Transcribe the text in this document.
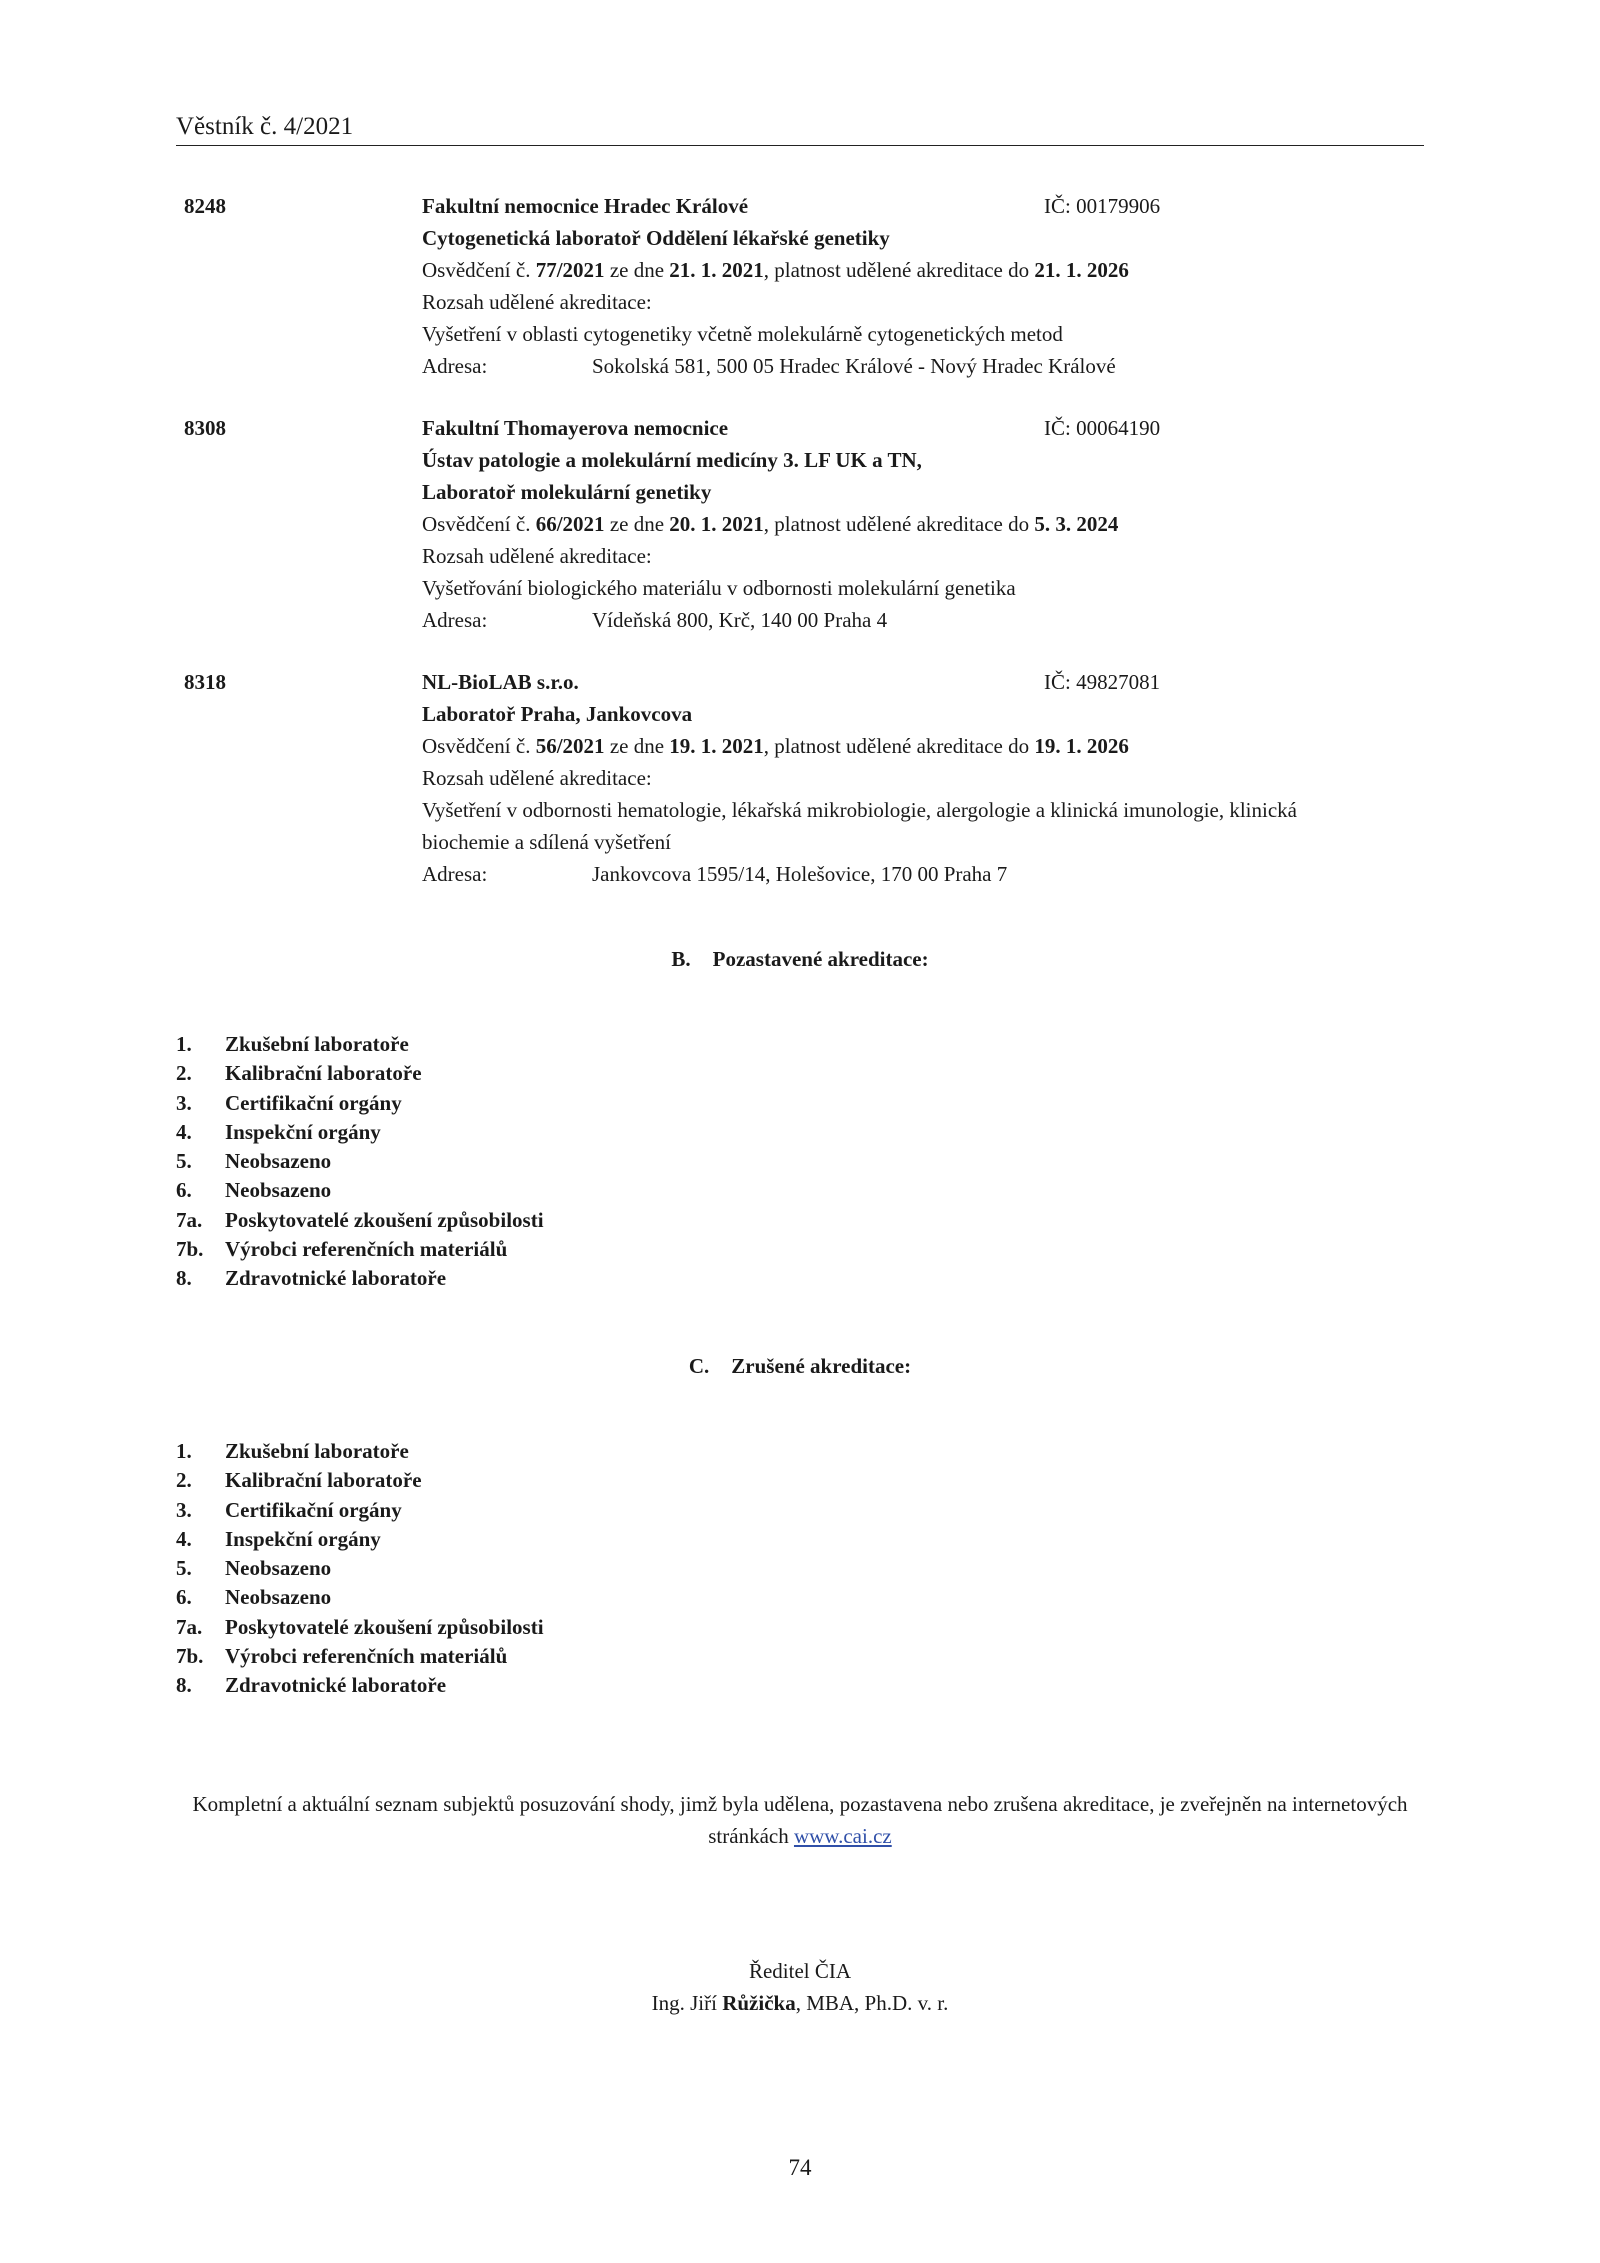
Věstník č. 4/2021
8248	Fakultní nemocnice Hradec Králové	IČ: 00179906
Cytogenetická laboratoř Oddělení lékařské genetiky
Osvědčení č. 77/2021 ze dne 21. 1. 2021, platnost udělené akreditace do 21. 1. 2026
Rozsah udělené akreditace:
Vyšetření v oblasti cytogenetiky včetně molekulárně cytogenetických metod
Adresa:	Sokolská 581, 500 05 Hradec Králové - Nový Hradec Králové
8308	Fakultní Thomayerova nemocnice	IČ: 00064190
Ústav patologie a molekulární medicíny 3. LF UK a TN,
Laboratoř molekulární genetiky
Osvědčení č. 66/2021 ze dne 20. 1. 2021, platnost udělené akreditace do 5. 3. 2024
Rozsah udělené akreditace:
Vyšetřování biologického materiálu v odbornosti molekulární genetika
Adresa:	Vídeňská 800, Krč, 140 00 Praha 4
8318	NL-BioLAB s.r.o.	IČ: 49827081
Laboratoř Praha, Jankovcova
Osvědčení č. 56/2021 ze dne 19. 1. 2021, platnost udělené akreditace do 19. 1. 2026
Rozsah udělené akreditace:
Vyšetření v odbornosti hematologie, lékařská mikrobiologie, alergologie a klinická imunologie, klinická biochemie a sdílená vyšetření
Adresa:	Jankovcova 1595/14, Holešovice, 170 00 Praha 7
B. Pozastavené akreditace:
1. Zkušební laboratoře
2. Kalibrační laboratoře
3. Certifikační orgány
4. Inspekční orgány
5. Neobsazeno
6. Neobsazeno
7a. Poskytovatelé zkoušení způsobilosti
7b. Výrobci referenčních materiálů
8. Zdravotnické laboratoře
C. Zrušené akreditace:
1. Zkušební laboratoře
2. Kalibrační laboratoře
3. Certifikační orgány
4. Inspekční orgány
5. Neobsazeno
6. Neobsazeno
7a. Poskytovatelé zkoušení způsobilosti
7b. Výrobci referenčních materiálů
8. Zdravotnické laboratoře
Kompletní a aktuální seznam subjektů posuzování shody, jimž byla udělena, pozastavena nebo zrušena akreditace, je zveřejněn na internetových stránkách www.cai.cz
Ředitel ČIA
Ing. Jiří Růžička, MBA, Ph.D. v. r.
74
